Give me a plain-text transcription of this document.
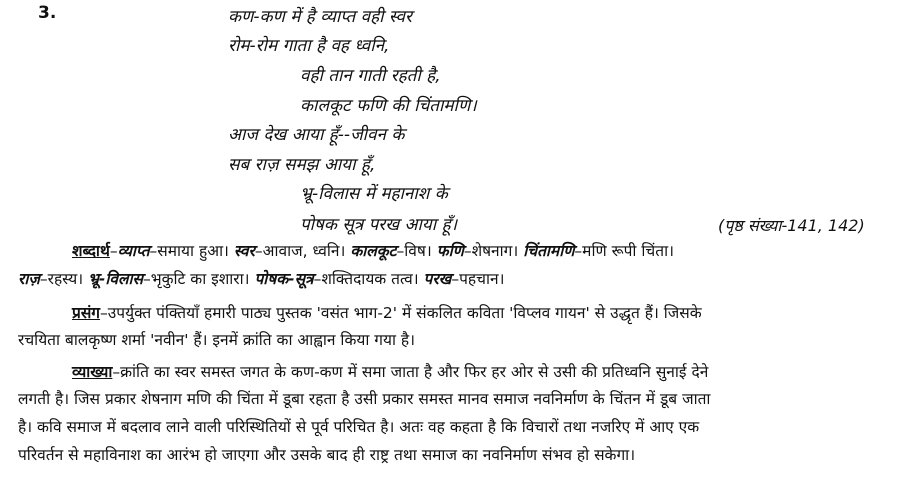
3.	कण-कण में है व्याप्त वही स्वर
रोम-रोम गाता है वह ध्वनि,
वही तान गाती रहती है,
कालकूट फणि की चिंतामणि।
आज देख आया हूँ--जीवन के
सब राज़ समझ आया हूँ,
भ्रू-विलास में महानाश के
पोषक सूत्र परख आया हूँ।	(पृष्ठ संख्या-141, 142)
शब्दार्थ–व्याप्त–समाया हुआ। स्वर–आवाज, ध्वनि। कालकूट–विष। फणि–शेषनाग। चिंतामणि–मणि रूपी चिंता।
राज़–रहस्य। भ्रू-विलास–भृकुटि का इशारा। पोषक-सूत्र–शक्तिदायक तत्व। परख–पहचान।
प्रसंग–उपर्युक्त पंक्तियाँ हमारी पाठ्य पुस्तक 'वसंत भाग-2' में संकलित कविता 'विप्लव गायन' से उद्धृत हैं। जिसके
रचयिता बालकृष्ण शर्मा 'नवीन' हैं। इनमें क्रांति का आह्वान किया गया है।
व्याख्या–क्रांति का स्वर समस्त जगत के कण-कण में समा जाता है और फिर हर ओर से उसी की प्रतिध्वनि सुनाई देने
लगती है। जिस प्रकार शेषनाग मणि की चिंता में डूबा रहता है उसी प्रकार समस्त मानव समाज नवनिर्माण के चिंतन में डूब जाता
है। कवि समाज में बदलाव लाने वाली परिस्थितियों से पूर्व परिचित है। अतः वह कहता है कि विचारों तथा नजरिए में आए एक
परिवर्तन से महाविनाश का आरंभ हो जाएगा और उसके बाद ही राष्ट्र तथा समाज का नवनिर्माण संभव हो सकेगा।
